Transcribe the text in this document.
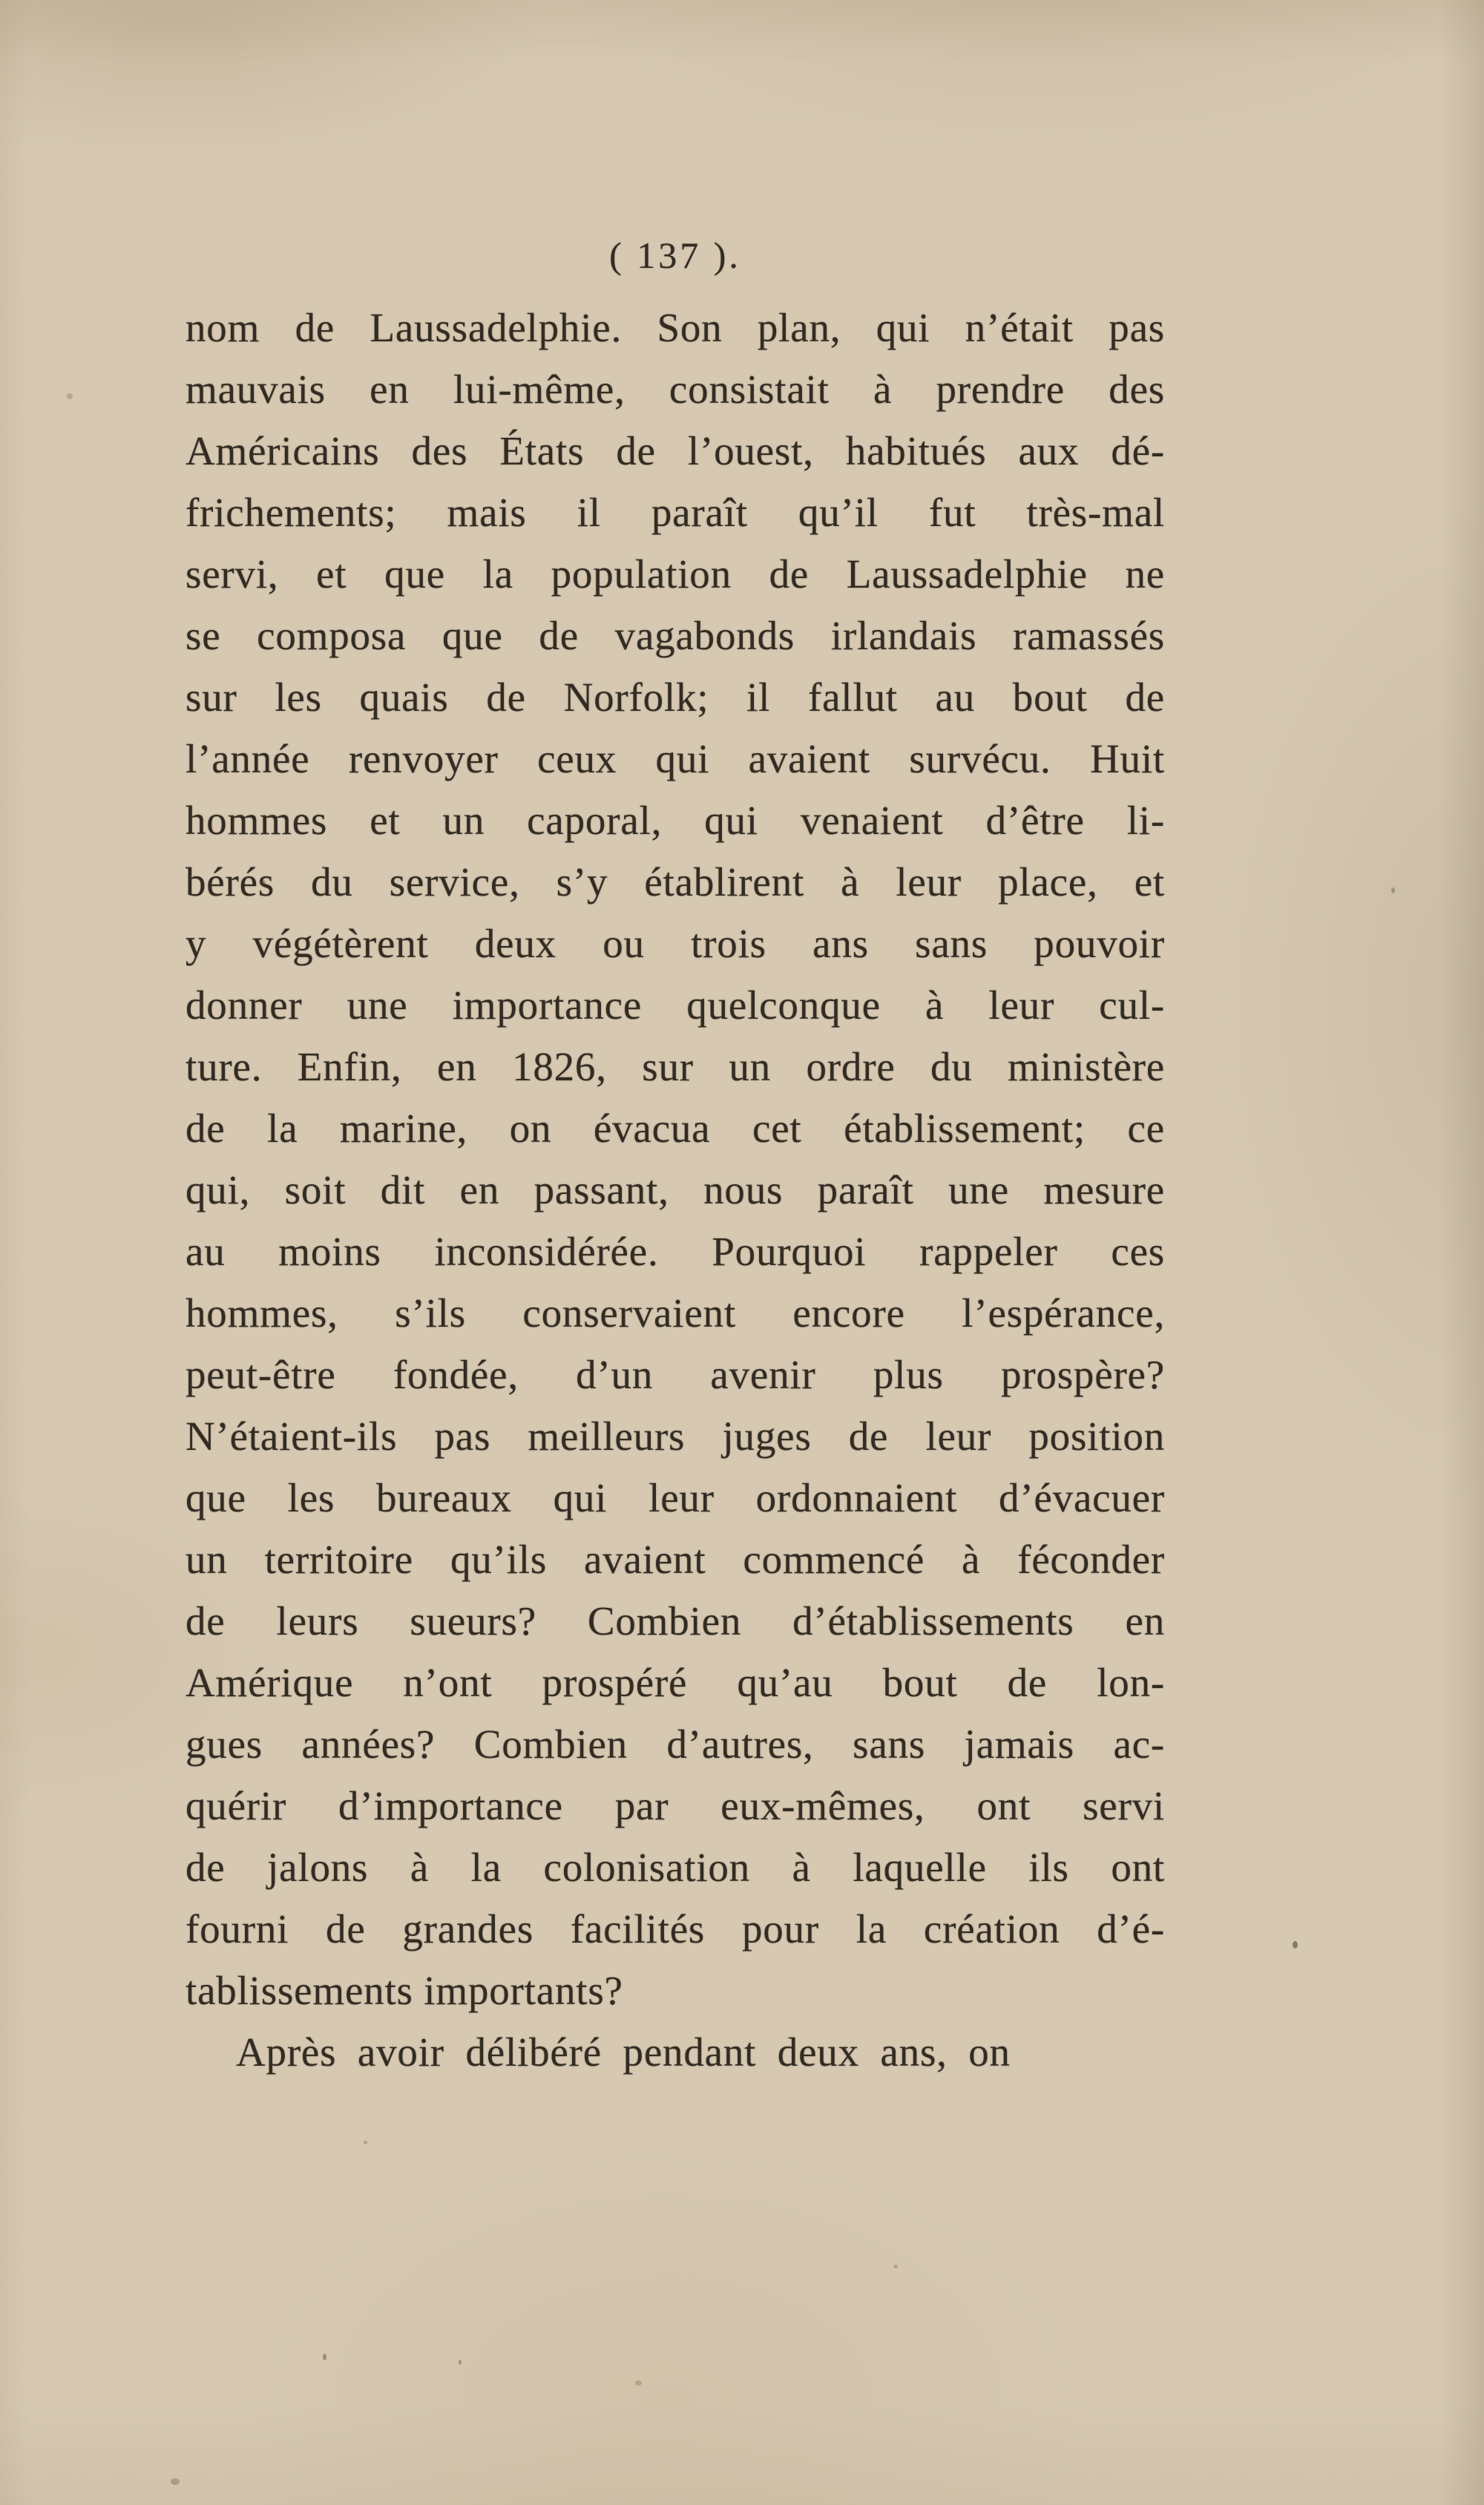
( 137 ).
nom de Laussadelphie. Son plan, qui n’était pas
mauvais en lui-même, consistait à prendre des
Américains des États de l’ouest, habitués aux dé-
frichements; mais il paraît qu’il fut très-mal
servi, et que la population de Laussadelphie ne
se composa que de vagabonds irlandais ramassés
sur les quais de Norfolk; il fallut au bout de
l’année renvoyer ceux qui avaient survécu. Huit
hommes et un caporal, qui venaient d’être li-
bérés du service, s’y établirent à leur place, et
y végétèrent deux ou trois ans sans pouvoir
donner une importance quelconque à leur cul-
ture. Enfin, en 1826, sur un ordre du ministère
de la marine, on évacua cet établissement; ce
qui, soit dit en passant, nous paraît une mesure
au moins inconsidérée. Pourquoi rappeler ces
hommes, s’ils conservaient encore l’espérance,
peut-être fondée, d’un avenir plus prospère?
N’étaient-ils pas meilleurs juges de leur position
que les bureaux qui leur ordonnaient d’évacuer
un territoire qu’ils avaient commencé à féconder
de leurs sueurs? Combien d’établissements en
Amérique n’ont prospéré qu’au bout de lon-
gues années? Combien d’autres, sans jamais ac-
quérir d’importance par eux-mêmes, ont servi
de jalons à la colonisation à laquelle ils ont
fourni de grandes facilités pour la création d’é-
tablissements importants?
Après avoir délibéré pendant deux ans, on
